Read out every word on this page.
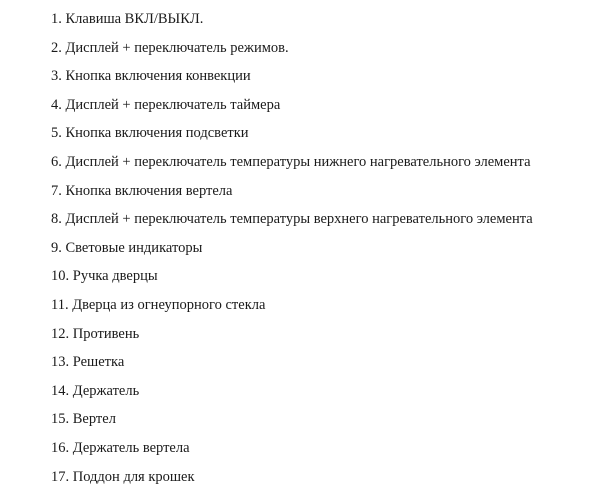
1. Клавиша ВКЛ/ВЫКЛ.
2. Дисплей + переключатель режимов.
3. Кнопка включения конвекции
4. Дисплей + переключатель таймера
5. Кнопка включения подсветки
6. Дисплей + переключатель температуры нижнего нагревательного элемента
7. Кнопка включения вертела
8. Дисплей + переключатель температуры верхнего нагревательного элемента
9. Световые индикаторы
10. Ручка дверцы
11. Дверца из огнеупорного стекла
12. Противень
13. Решетка
14. Держатель
15. Вертел
16. Держатель вертела
17. Поддон для крошек
